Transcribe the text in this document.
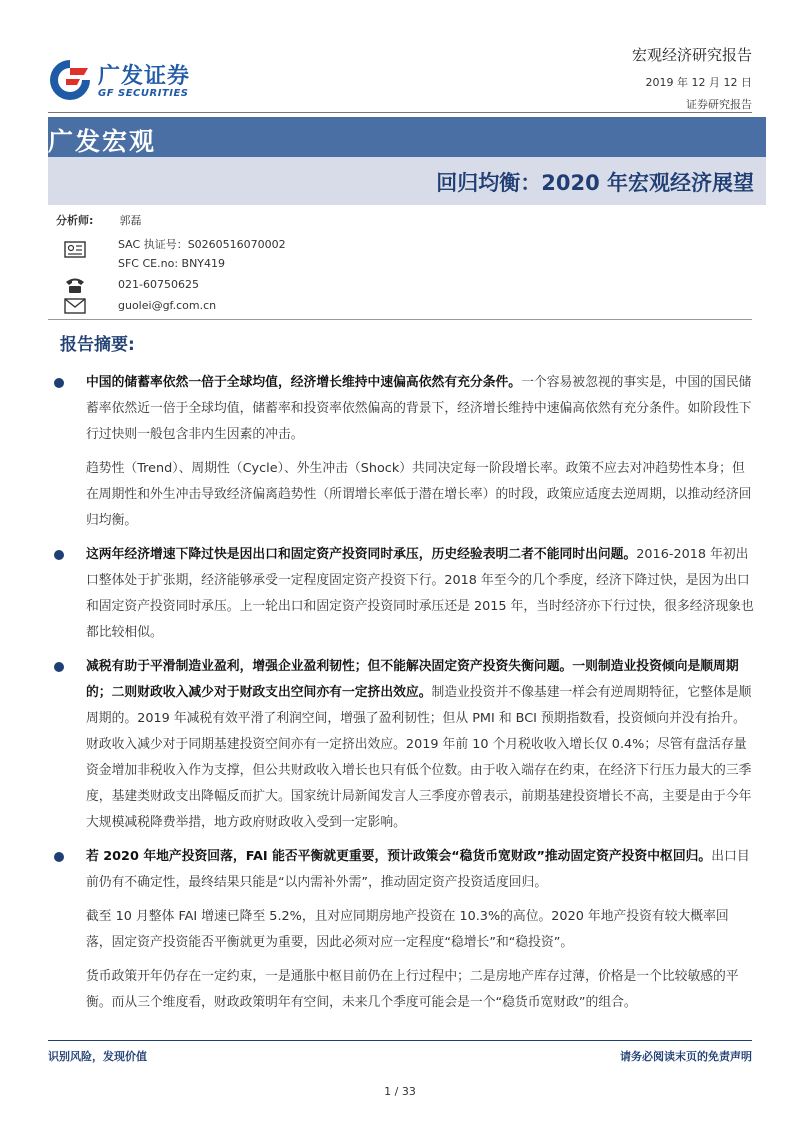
广发证券
GF SECURITIES
宏观经济研究报告
2019 年 12 月 12 日
证券研究报告
广发宏观
回归均衡：2020 年宏观经济展望
分析师: 郭磊
SAC 执证号：S0260516070002
SFC CE.no: BNY419
021-60750625
guolei@gf.com.cn
报告摘要:
中国的储蓄率依然一倍于全球均值，经济增长维持中速偏高依然有充分条件。一个容易被忽视的事实是，中国的国民储蓄率依然近一倍于全球均值，储蓄率和投资率依然偏高的背景下，经济增长维持中速偏高依然有充分条件。如阶段性下行过快则一般包含非内生因素的冲击。
趋势性（Trend）、周期性（Cycle）、外生冲击（Shock）共同决定每一阶段增长率。政策不应去对冲趋势性本身；但在周期性和外生冲击导致经济偏离趋势性（所谓增长率低于潜在增长率）的时段，政策应适度去逆周期，以推动经济回归均衡。
这两年经济增速下降过快是因出口和固定资产投资同时承压，历史经验表明二者不能同时出问题。2016-2018 年初出口整体处于扩张期，经济能够承受一定程度固定资产投资下行。2018 年至今的几个季度，经济下降过快，是因为出口和固定资产投资同时承压。上一轮出口和固定资产投资同时承压还是 2015 年，当时经济亦下行过快，很多经济现象也都比较相似。
减税有助于平滑制造业盈利，增强企业盈利韧性；但不能解决固定资产投资失衡问题。一则制造业投资倾向是顺周期的；二则财政收入减少对于财政支出空间亦有一定挤出效应。制造业投资并不像基建一样会有逆周期特征，它整体是顺周期的。2019 年减税有效平滑了利润空间，增强了盈利韧性；但从 PMI 和 BCI 预期指数看，投资倾向并没有抬升。财政收入减少对于同期基建投资空间亦有一定挤出效应。2019 年前 10 个月税收收入增长仅 0.4%；尽管有盘活存量资金增加非税收入作为支撑，但公共财政收入增长也只有低个位数。由于收入端存在约束，在经济下行压力最大的三季度，基建类财政支出降幅反而扩大。国家统计局新闻发言人三季度亦曾表示，前期基建投资增长不高，主要是由于今年大规模减税降费举措，地方政府财政收入受到一定影响。
若 2020 年地产投资回落，FAI 能否平衡就更重要，预计政策会“稳货币宽财政”推动固定资产投资中枢回归。出口目前仍有不确定性，最终结果只能是“以内需补外需”，推动固定资产投资适度回归。
截至 10 月整体 FAI 增速已降至 5.2%，且对应同期房地产投资在 10.3%的高位。2020 年地产投资有较大概率回落，固定资产投资能否平衡就更为重要，因此必须对应一定程度“稳增长”和“稳投资”。
货币政策开年仍存在一定约束，一是通胀中枢目前仍在上行过程中；二是房地产库存过薄，价格是一个比较敏感的平衡。而从三个维度看，财政政策明年有空间，未来几个季度可能会是一个“稳货币宽财政”的组合。
识别风险，发现价值	请务必阅读末页的免责声明
1 / 33
